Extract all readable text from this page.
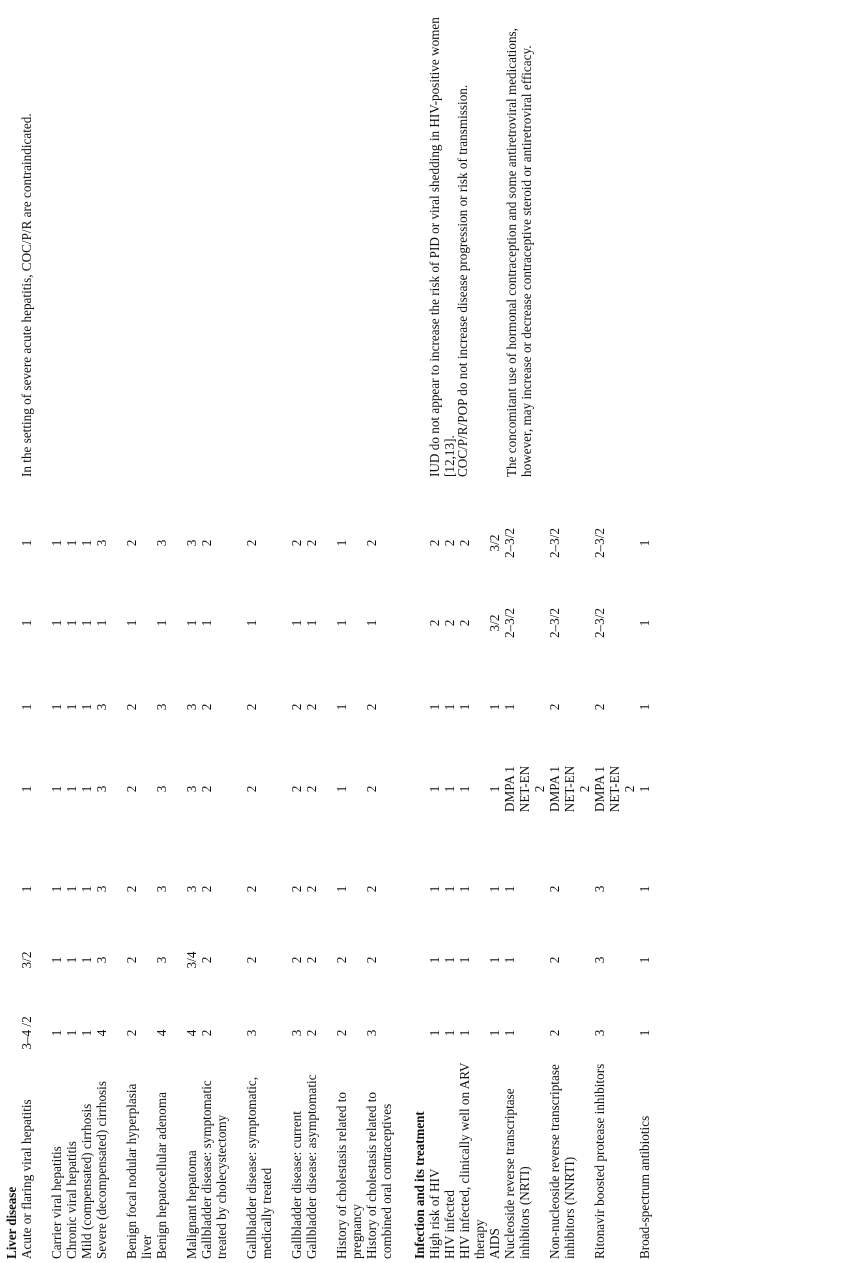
Liver disease Acute or flaring viral hepatitis
3–4 /2
3/2
1
1
1
1
1
In the setting of severe acute hepatitis, COC/P/R are contraindicated.
Carrier viral hepatitis
1
1
1
1
1
1
1
Chronic viral hepatitis
1
1
1
1
1
1
1
Mild (compensated) cirrhosis
1
1
1
1
1
1
1
Severe (decompensated) cirrhosis
4
3
3
3
3
1
3
Benign focal nodular hyperplasia liver
2
2
2
2
2
1
2
Benign hepatocellular adenoma
4
3
3
3
3
1
3
Malignant hepatoma
4
3/4
3
3
3
1
3
Gallbladder disease: symptomatic treated by cholecystectomy
2
2
2
2
2
1
2
Gallbladder disease: symptomatic, medically treated
3
2
2
2
2
1
2
Gallbladder disease: current
3
2
2
2
2
1
2
Gallbladder disease: asymptomatic
2
2
2
2
2
1
2
History of cholestasis related to pregnancy
2
2
1
1
1
1
1
History of cholestasis related to combined oral contraceptives
3
2
2
2
2
1
2
Infection and its treatment High risk of HIV
1
1
1
1
1
2
2
IUD do not appear to increase the risk of PID or viral shedding in HIV-positive women [12,13].
HIV infected
1
1
1
1
1
2
2
HIV infected, clinically well on ARV therapy
1
1
1
1
1
2
2
COC/P/R/POP do not increase disease progression or risk of transmission.
AIDS
1
1
1
1
1
3/2
3/2
Nucleoside reverse transcriptase inhibitors (NRTI)
1
1
1
DMPA 1 NET-EN 2
1
2–3/2
2–3/2
The concomitant use of hormonal contraception and some antiretroviral medications, however, may increase or decrease contraceptive steroid or antiretroviral efficacy.
Non-nucleoside reverse transcriptase inhibitors (NNRTI)
2
2
2
DMPA 1 NET-EN 2
2
2–3/2
2–3/2
Ritonavir boosted protease inhibitors
3
3
3
DMPA 1 NET-EN 2
2
2–3/2
2–3/2
Broad-spectrum antibiotics
1
1
1
1
1
1
1
